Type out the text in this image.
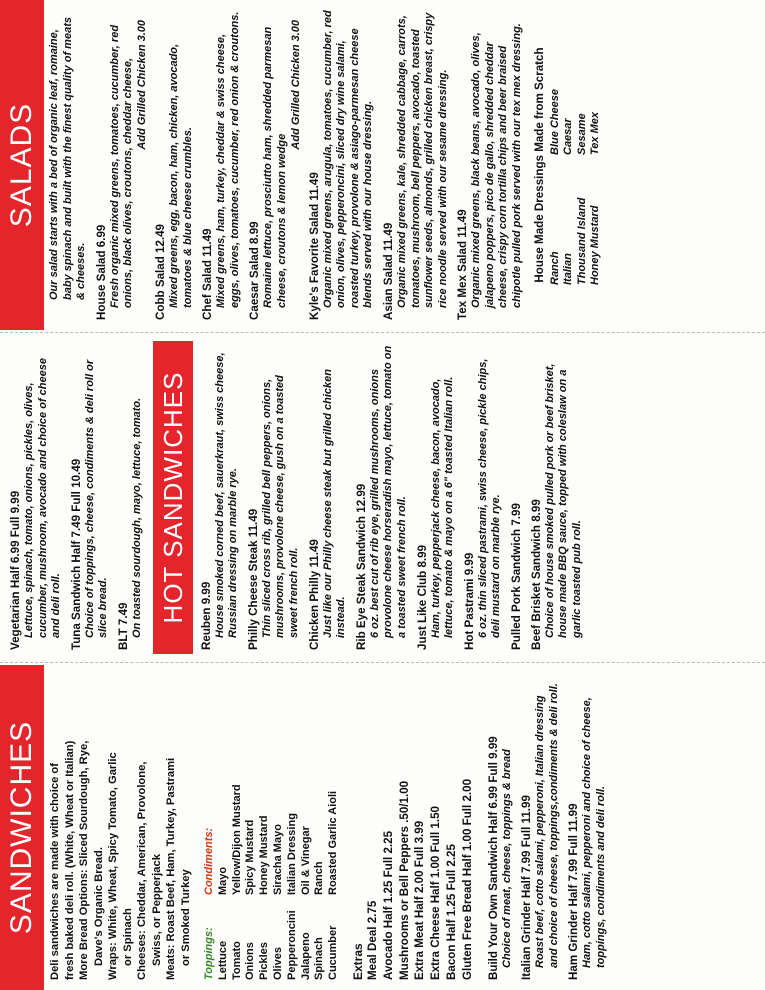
SANDWICHES Deli sandwiches are made with choice of fresh baked deli roll. (White, Wheat or Italian) More Bread Options: Sliced Sourdough, Rye, Dave's Organic Bread. Wraps: White, Wheat, Spicy Tomato, Garlic or Spinach Cheeses: Cheddar, American, Provolone, Swiss, or Pepperjack Meats: Roast Beef, Ham, Turkey, Pastrami or Smoked Turkey Toppings: Lettuce Tomato Onions Pickles Olives Pepperoncini Jalapeno Spinach Cucumber
Condiments: Mayo Yellow/Dijon Mustard Spicy Mustard Honey Mustard Siracha Mayo Italian Dressing Oil & Vinegar Ranch Roasted Garlic Aioli
Extras Meal Deal 2.75 Avocado Half 1.25 Full 2.25 Mushrooms or Bell Peppers .50/1.00 Extra Meat Half 2.00 Full 3.99 Extra Cheese Half 1.00 Full 1.50 Bacon Half 1.25 Full 2.25 Gluten Free Bread Half 1.00 Full 2.00 Build Your Own Sandwich Half 6.99 Full 9.99 Choice of meat, cheese, toppings & bread Italian Grinder Half 7.99 Full 11.99 Roast beef, cotto salami, pepperoni, Italian dressing and choice of cheese, toppings,condiments & deli roll. Ham Grinder Half 7.99 Full 11.99 Ham, cotto salami, pepperoni and choice of cheese, toppings, condiments and deli roll.
Vegetarian Half 6.99 Full 9.99 Lettuce, spinach, tomato, onions, pickles, olives, cucumber, mushroom, avocado and choice of cheese and deli roll. Tuna Sandwich Half 7.49 Full 10.49 Choice of toppings, cheese, condiments & deli roll or slice bread. BLT 7.49 On toasted sourdough, mayo, lettuce, tomato. HOT SANDWICHES	Reuben 9.99 House smoked corned beef, sauerkraut, swiss cheese, Russian dressing on marble rye. Philly Cheese Steak 11.49 Thin sliced cross rib, grilled bell peppers, onions, mushrooms, provolone cheese, gush on a toasted sweet french roll. Chicken Philly 11.49 Just like our Philly cheese steak but grilled chicken instead. Rib Eye Steak Sandwich 12.99 6 oz. best cut of rib eye, grilled mushrooms, onions provolone cheese horseradish mayo, lettuce, tomato on a toasted sweet french roll. Just Like Club 8.99 Ham, turkey, pepperjack cheese, bacon, avocado, lettuce, tomato & mayo on a 6" toasted Italian roll. Hot Pastrami 9.99 6 oz. thin sliced pastrami, swiss cheese, pickle chips, deli mustard on marble rye. Pulled Pork Sandwich 7.99 Beef Brisket Sandwich 8.99 Choice of house smoked pulled pork or beef brisket, house made BBQ sauce, topped with coleslaw on a garlic toasted pub roll.
SALADS Our salad starts with a bed of organic leaf, romaine, baby spinach and built with the finest quality of meats & cheeses. House Salad 6.99 Fresh organic mixed greens, tomatoes, cucumber, red onions, black olives, croutons, cheddar cheese, Add Grilled Chicken 3.00
Cobb Salad 12.49 Mixed greens, egg, bacon, ham, chicken, avocado, tomatoes & blue cheese crumbles. Chef Salad 11.49 Mixed greens, ham, turkey, cheddar & swiss cheese, eggs, olives, tomatoes, cucumber, red onion & croutons. Caesar Salad 8.99 Romaine lettuce, prosciutto ham, shredded parmesan cheese, croutons & lemon wedge
Add Grilled Chicken 3.00
Kyle's Favorite Salad 11.49 Organic mixed greens, arugula, tomatoes, cucumber, red onion, olives, pepperoncini, sliced dry wine salami, roasted turkey, provolone & asiago-parmesan cheese blends served with our house dressing. Asian Salad 11.49 Organic mixed greens, kale, shredded cabbage, carrots, tomatoes, mushroom, bell peppers, avocado, toasted sunflower seeds, almonds, grilled chicken breast, crispy rice noodle served with our sesame dressing. Tex Mex Salad 11.49 Organic mixed greens, black beans, avocado, olives, jalapeno poppers, pico de gallo, shredded cheddar cheese, crispy corn tortilla chips and beer braised chipotle pulled pork served with our tex mex dressing. House Made Dressings Made from Scratch Ranch Italian Thousand Island Honey Mustard
Blue Cheese Caesar Sesame Tex Mex
